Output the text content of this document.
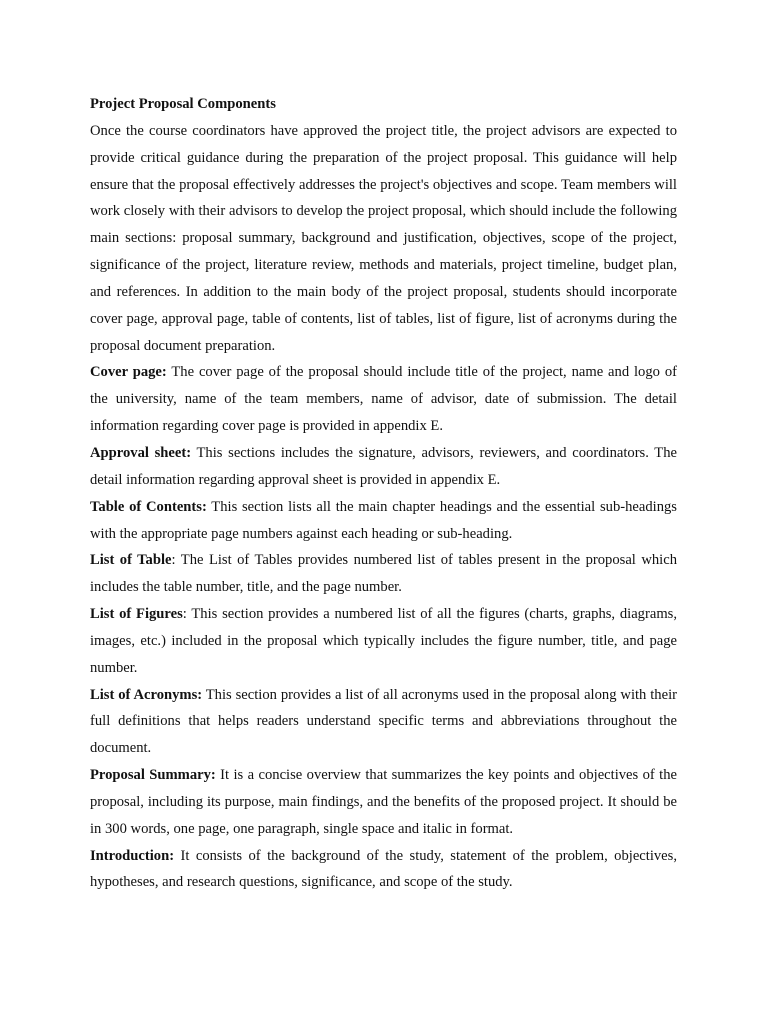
Project Proposal Components

Once the course coordinators have approved the project title, the project advisors are expected to provide critical guidance during the preparation of the project proposal. This guidance will help ensure that the proposal effectively addresses the project's objectives and scope. Team members will work closely with their advisors to develop the project proposal, which should include the following main sections: proposal summary, background and justification, objectives, scope of the project, significance of the project, literature review, methods and materials, project timeline, budget plan, and references. In addition to the main body of the project proposal, students should incorporate cover page, approval page, table of contents, list of tables, list of figure, list of acronyms during the proposal document preparation.

Cover page: The cover page of the proposal should include title of the project, name and logo of the university, name of the team members, name of advisor, date of submission. The detail information regarding cover page is provided in appendix E.

Approval sheet: This sections includes the signature, advisors, reviewers, and coordinators. The detail information regarding approval sheet is provided in appendix E.

Table of Contents: This section lists all the main chapter headings and the essential sub-headings with the appropriate page numbers against each heading or sub-heading.

List of Table: The List of Tables provides numbered list of tables present in the proposal which includes the table number, title, and the page number.

List of Figures: This section provides a numbered list of all the figures (charts, graphs, diagrams, images, etc.) included in the proposal which typically includes the figure number, title, and page number.

List of Acronyms: This section provides a list of all acronyms used in the proposal along with their full definitions that helps readers understand specific terms and abbreviations throughout the document.

Proposal Summary: It is a concise overview that summarizes the key points and objectives of the proposal, including its purpose, main findings, and the benefits of the proposed project. It should be in 300 words, one page, one paragraph, single space and italic in format.

Introduction: It consists of the background of the study, statement of the problem, objectives, hypotheses, and research questions, significance, and scope of the study.
